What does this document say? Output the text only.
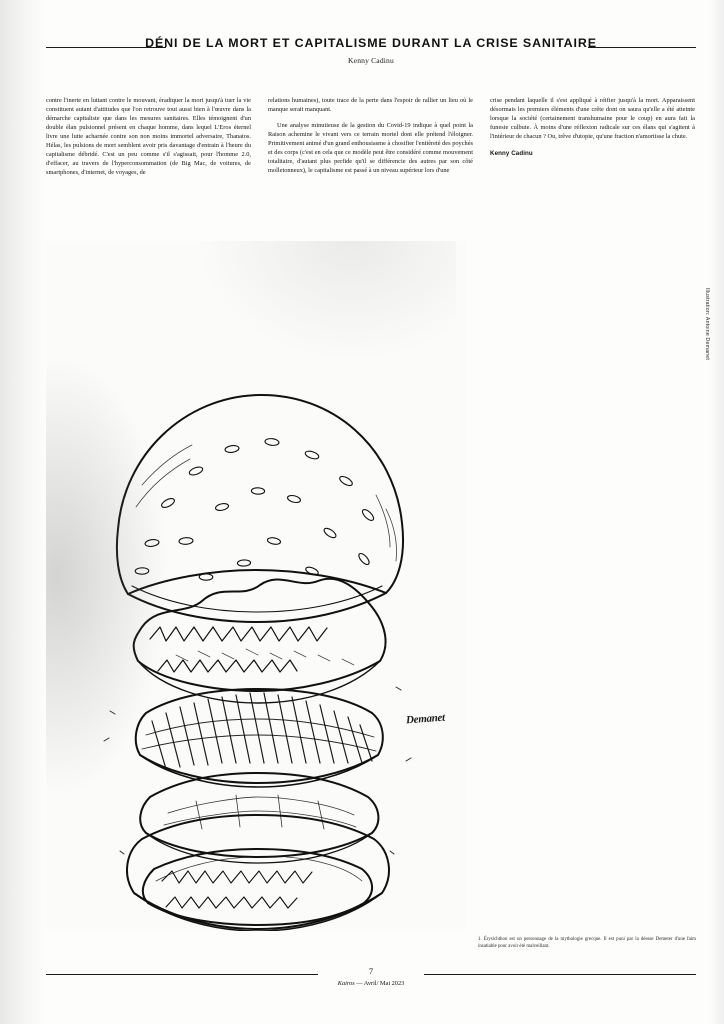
DÉNI DE LA MORT ET CAPITALISME DURANT LA CRISE SANITAIRE
Kenny Cadinu

contre l'inerte en luttant contre le mouvant, éradiquer la mort jusqu'à tuer la vie constituent autant d'attitudes que l'on retrouve tout aussi bien à l'œuvre dans la démarche capitaliste que dans les mesures sanitaires. Elles témoignent d'un double élan pulsionnel présent en chaque homme, dans lequel L'Eros éternel livre une lutte acharnée contre son non moins immortel adversaire, Thanatos. Hélas, les pulsions de mort semblent avoir pris davantage d'entrain à l'heure du capitalisme débridé. C'est un peu comme s'il s'agissait, pour l'homme 2.0, d'effacer, au travers de l'hyperconsommation (de Big Mac, de voitures, de smartphones, d'internet, de voyages, de

relations humaines), toute trace de la perte dans l'espoir de rallier un lieu où le manque serait manquant.

Une analyse minutieuse de la gestion du Covid-19 indique à quel point la Raison achemine le vivant vers ce terrain mortel dont elle prétend l'éloigner. Primitivement animé d'un grand enthousiasme à chosifier l'entièreté des poychés et des corps (c'est en cela que ce modèle peut être considéré comme mouvement totalitaire, d'autant plus perfide qu'il se différencie des autres par son côté molletonneux), le capitalisme est passé à un niveau supérieur lors d'une

crise pendant laquelle il s'est appliqué à réifier jusqu'à la mort. Apparaissent désormais les premiers éléments d'une crête dont on saura qu'elle a été atteinte lorsque la société (certainement transhumaine pour le coup) en aura fait la funeste culbute. À moins d'une réflexion radicale sur ces élans qui s'agitent à l'intérieur de chacun ? Ou, trêve d'utopie, qu'une fraction n'amortisse la chute.

Kenny Cadinu
Demanet
Illustration: Antoine Demanet
1. Érysichthon est un personnage de la mythologie grecque. Il est puni par la déesse Demeter d'une faim insatiable pour avoir été malveillant.
7
Kairos — Avril/ Mai 2023
